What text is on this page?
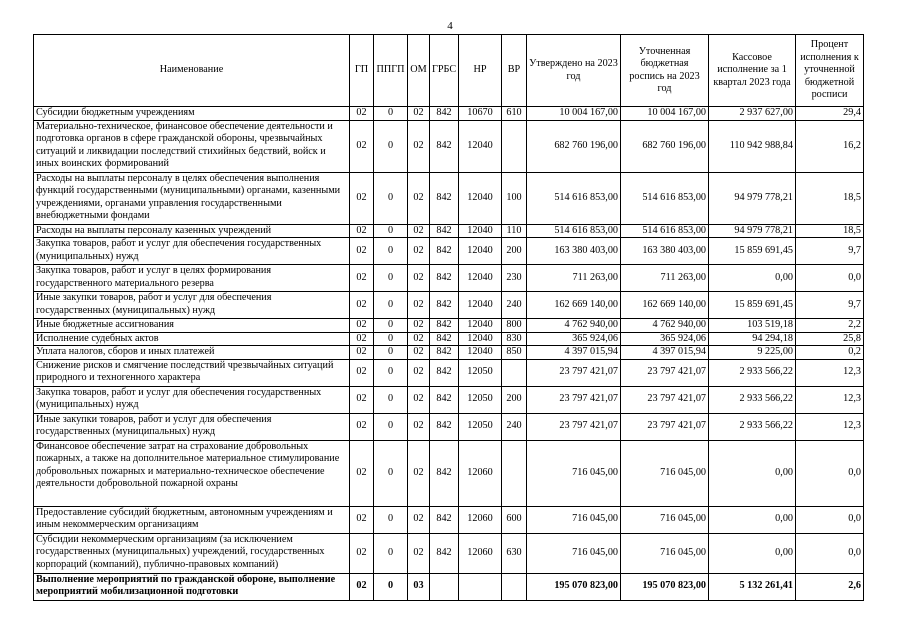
4
Наименование	ГП	ППГП	ОМ	ГРБС	НР	ВР	Утверждено на 2023 год	Уточненная бюджетная роспись на 2023 год	Кассовое исполнение за 1 квартал 2023 года	Процент исполнения к уточненной бюджетной росписи
Субсидии бюджетным учреждениям	02	0	02	842	10670	610	10 004 167,00	10 004 167,00	2 937 627,00	29,4
Материально-техническое, финансовое обеспечение деятельности и подготовка органов в сфере гражданской обороны, чрезвычайных ситуаций и ликвидации последствий стихийных бедствий, войск и иных воинских формирований	02	0	02	842	12040		682 760 196,00	682 760 196,00	110 942 988,84	16,2
Расходы на выплаты персоналу в целях обеспечения выполнения функций государственными (муниципальными) органами, казенными учреждениями, органами управления государственными внебюджетными фондами	02	0	02	842	12040	100	514 616 853,00	514 616 853,00	94 979 778,21	18,5
Расходы на выплаты персоналу казенных учреждений	02	0	02	842	12040	110	514 616 853,00	514 616 853,00	94 979 778,21	18,5
Закупка товаров, работ и услуг для обеспечения государственных (муниципальных) нужд	02	0	02	842	12040	200	163 380 403,00	163 380 403,00	15 859 691,45	9,7
Закупка товаров, работ и услуг в целях формирования государственного материального резерва	02	0	02	842	12040	230	711 263,00	711 263,00	0,00	0,0
Иные закупки товаров, работ и услуг для обеспечения государственных (муниципальных) нужд	02	0	02	842	12040	240	162 669 140,00	162 669 140,00	15 859 691,45	9,7
Иные бюджетные ассигнования	02	0	02	842	12040	800	4 762 940,00	4 762 940,00	103 519,18	2,2
Исполнение судебных актов	02	0	02	842	12040	830	365 924,06	365 924,06	94 294,18	25,8
Уплата налогов, сборов и иных платежей	02	0	02	842	12040	850	4 397 015,94	4 397 015,94	9 225,00	0,2
Снижение рисков и смягчение последствий чрезвычайных ситуаций природного и техногенного характера	02	0	02	842	12050		23 797 421,07	23 797 421,07	2 933 566,22	12,3
Закупка товаров, работ и услуг для обеспечения государственных (муниципальных) нужд	02	0	02	842	12050	200	23 797 421,07	23 797 421,07	2 933 566,22	12,3
Иные закупки товаров, работ и услуг для обеспечения государственных (муниципальных) нужд	02	0	02	842	12050	240	23 797 421,07	23 797 421,07	2 933 566,22	12,3
Финансовое обеспечение затрат на страхование добровольных пожарных, а также на дополнительное материальное стимулирование добровольных пожарных и материально-техническое обеспечение деятельности добровольной пожарной охраны	02	0	02	842	12060		716 045,00	716 045,00	0,00	0,0
Предоставление субсидий бюджетным, автономным учреждениям и иным некоммерческим организациям	02	0	02	842	12060	600	716 045,00	716 045,00	0,00	0,0
Субсидии некоммерческим организациям (за исключением государственных (муниципальных) учреждений, государственных корпораций (компаний), публично-правовых компаний)	02	0	02	842	12060	630	716 045,00	716 045,00	0,00	0,0
Выполнение мероприятий по гражданской обороне, выполнение мероприятий мобилизационной подготовки	02	0	03				195 070 823,00	195 070 823,00	5 132 261,41	2,6
